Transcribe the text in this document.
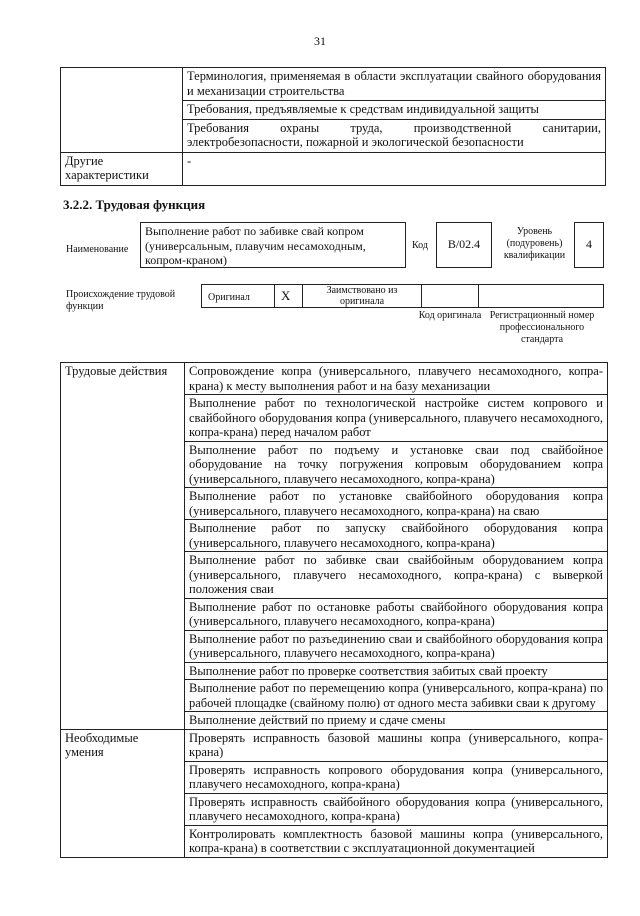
31
	Терминология, применяемая в области эксплуатации свайного оборудования и механизации строительства
	Требования, предъявляемые к средствам индивидуальной защиты
	Требования охраны труда, производственной санитарии, электробезопасности, пожарной и экологической безопасности
Другие характеристики	-
3.2.2. Трудовая функция
Наименование
Выполнение работ по забивке свай копром (универсальным, плавучим несамоходным, копром-краном)
Код	B/02.4
Уровень (подуровень) квалификации
4
Происхождение трудовой функции
Оригинал X	Заимствовано из оригинала
Код оригинала Регистрационный номер профессионального стандарта
Трудовые действия	Сопровождение копра (универсального, плавучего несамоходного, копра-крана) к месту выполнения работ и на базу механизации
	Выполнение работ по технологической настройке систем копрового и свайбойного оборудования копра (универсального, плавучего несамоходного, копра-крана) перед началом работ
	Выполнение работ по подъему и установке сваи под свайбойное оборудование на точку погружения копровым оборудованием копра (универсального, плавучего несамоходного, копра-крана)
	Выполнение работ по установке свайбойного оборудования копра (универсального, плавучего несамоходного, копра-крана) на сваю
	Выполнение работ по запуску свайбойного оборудования копра (универсального, плавучего несамоходного, копра-крана)
	Выполнение работ по забивке сваи свайбойным оборудованием копра (универсального, плавучего несамоходного, копра-крана) с выверкой положения сваи
	Выполнение работ по остановке работы свайбойного оборудования копра (универсального, плавучего несамоходного, копра-крана)
	Выполнение работ по разъединению сваи и свайбойного оборудования копра (универсального, плавучего несамоходного, копра-крана)
	Выполнение работ по проверке соответствия забитых свай проекту
	Выполнение работ по перемещению копра (универсального, копра-крана) по рабочей площадке (свайному полю) от одного места забивки сваи к другому
	Выполнение действий по приему и сдаче смены
Необходимые умения	Проверять исправность базовой машины копра (универсального, копра-крана)
	Проверять исправность копрового оборудования копра (универсального, плавучего несамоходного, копра-крана)
	Проверять исправность свайбойного оборудования копра (универсального, плавучего несамоходного, копра-крана)
	Контролировать комплектность базовой машины копра (универсального, копра-крана) в соответствии с эксплуатационной документацией
